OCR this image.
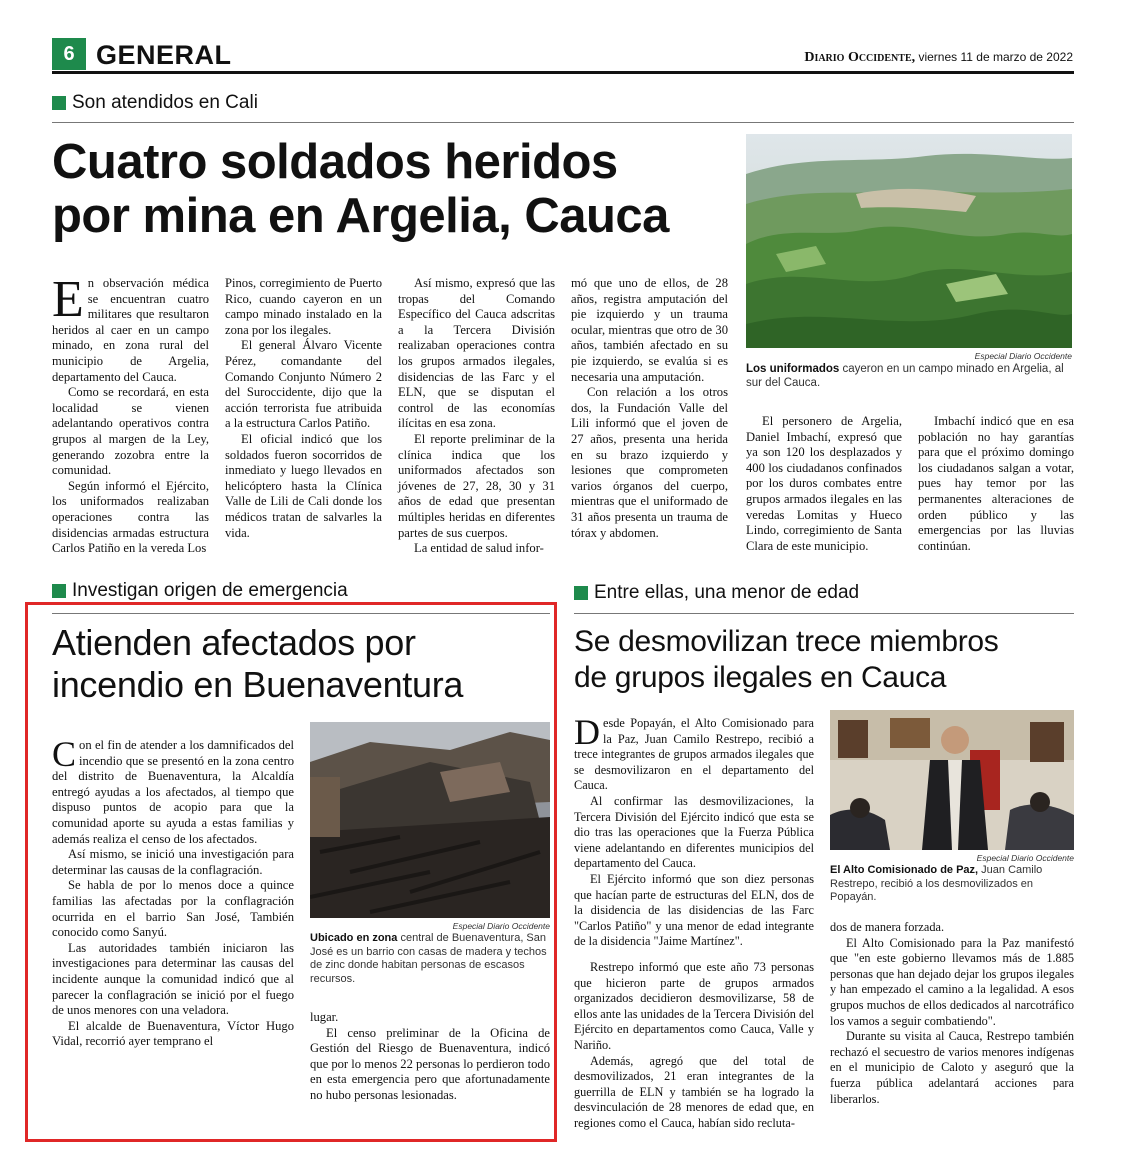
6 GENERAL	Diario Occidente, viernes 11 de marzo de 2022
Son atendidos en Cali
Cuatro soldados heridos
por mina en Argelia, Cauca
Especial Diario Occidente
Los uniformados cayeron en un campo minado en Argelia, al sur del Cauca.

En observación médica se encuentran cuatro militares que resultaron heridos al caer en un campo minado, en zona rural del municipio de Argelia, departamento del Cauca.

Como se recordará, en esta localidad se vienen adelantando operativos contra grupos al margen de la Ley, generando zozobra entre la comunidad.

Según informó el Ejército, los uniformados realizaban operaciones contra las disidencias armadas estructura Carlos Patiño en la vereda Los

Pinos, corregimiento de Puerto Rico, cuando cayeron en un campo minado instalado en la zona por los ilegales.

El general Álvaro Vicente Pérez, comandante del Comando Conjunto Número 2 del Suroccidente, dijo que la acción terrorista fue atribuida a la estructura Carlos Patiño.

El oficial indicó que los soldados fueron socorridos de inmediato y luego llevados en helicóptero hasta la Clínica Valle de Lili de Cali donde los médicos tratan de salvarles la vida.

Así mismo, expresó que las tropas del Comando Específico del Cauca adscritas a la Tercera División realizaban operaciones contra los grupos armados ilegales, disidencias de las Farc y el ELN, que se disputan el control de las economías ilícitas en esa zona.

El reporte preliminar de la clínica indica que los uniformados afectados son jóvenes de 27, 28, 30 y 31 años de edad que presentan múltiples heridas en diferentes partes de sus cuerpos.

La entidad de salud infor-

mó que uno de ellos, de 28 años, registra amputación del pie izquierdo y un trauma ocular, mientras que otro de 30 años, también afectado en su pie izquierdo, se evalúa si es necesaria una amputación.

Con relación a los otros dos, la Fundación Valle del Lili informó que el joven de 27 años, presenta una herida en su brazo izquierdo y lesiones que comprometen varios órganos del cuerpo, mientras que el uniformado de 31 años presenta un trauma de tórax y abdomen.

El personero de Argelia, Daniel Imbachí, expresó que ya son 120 los desplazados y 400 los ciudadanos confinados por los duros combates entre grupos armados ilegales en las veredas Lomitas y Hueco Lindo, corregimiento de Santa Clara de este municipio.

Imbachí indicó que en esa población no hay garantías para que el próximo domingo los ciudadanos salgan a votar, pues hay temor por las permanentes alteraciones de orden público y las emergencias por las lluvias continúan.

Investigan origen de emergencia
Atienden afectados por
incendio en Buenaventura
Especial Diario Occidente
Ubicado en zona central de Buenaventura, San José es un barrio con casas de madera y techos de zinc donde habitan personas de escasos recursos.

Con el fin de atender a los damnificados del incendio que se presentó en la zona centro del distrito de Buenaventura, la Alcaldía entregó ayudas a los afectados, al tiempo que dispuso puntos de acopio para que la comunidad aporte su ayuda a estas familias y además realiza el censo de los afectados.

Así mismo, se inició una investigación para determinar las causas de la conflagración.

Se habla de por lo menos doce a quince familias las afectadas por la conflagración ocurrida en el barrio San José, También conocido como Sanyú.

Las autoridades también iniciaron las investigaciones para determinar las causas del incidente aunque la comunidad indicó que al parecer la conflagración se inició por el fuego de unos menores con una veladora.

El alcalde de Buenaventura, Víctor Hugo Vidal, recorrió ayer temprano el

lugar.

El censo preliminar de la Oficina de Gestión del Riesgo de Buenaventura, indicó que por lo menos 22 personas lo perdieron todo en esta emergencia pero que afortunadamente no hubo personas lesionadas.

Entre ellas, una menor de edad
Se desmovilizan trece miembros
de grupos ilegales en Cauca
Especial Diario Occidente
El Alto Comisionado de Paz, Juan Camilo Restrepo, recibió a los desmovilizados en Popayán.

Desde Popayán, el Alto Comisionado para la Paz, Juan Camilo Restrepo, recibió a trece integrantes de grupos armados ilegales que se desmovilizaron en el departamento del Cauca.

Al confirmar las desmovilizaciones, la Tercera División del Ejército indicó que esta se dio tras las operaciones que la Fuerza Pública viene adelantando en diferentes municipios del departamento del Cauca.

El Ejército informó que son diez personas que hacían parte de estructuras del ELN, dos de la disidencia de las disidencias de las Farc "Carlos Patiño" y una menor de edad integrante de la disidencia "Jaime Martínez".

Restrepo informó que este año 73 personas que hicieron parte de grupos armados organizados decidieron desmovilizarse, 58 de ellos ante las unidades de la Tercera División del Ejército en departamentos como Cauca, Valle y Nariño.

Además, agregó que del total de desmovilizados, 21 eran integrantes de la guerrilla de ELN y también se ha logrado la desvinculación de 28 menores de edad que, en regiones como el Cauca, habían sido recluta-

dos de manera forzada.

El Alto Comisionado para la Paz manifestó que "en este gobierno llevamos más de 1.885 personas que han dejado dejar los grupos ilegales y han empezado el camino a la legalidad. A esos grupos muchos de ellos dedicados al narcotráfico los vamos a seguir combatiendo".

Durante su visita al Cauca, Restrepo también rechazó el secuestro de varios menores indígenas en el municipio de Caloto y aseguró que la fuerza pública adelantará acciones para liberarlos.
